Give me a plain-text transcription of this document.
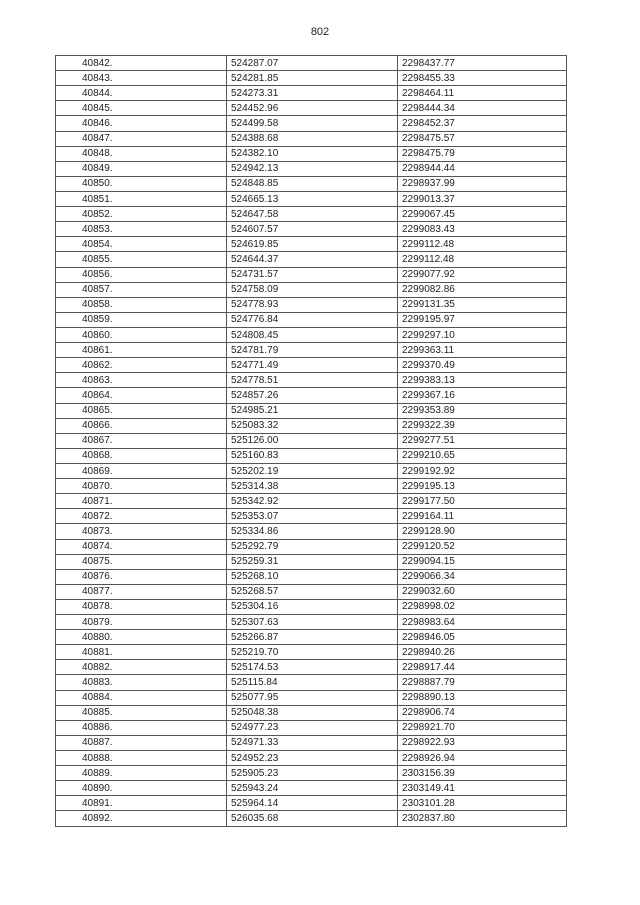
802
40842.	524287.07	2298437.77
40843.	524281.85	2298455.33
40844.	524273.31	2298464.11
40845.	524452.96	2298444.34
40846.	524499.58	2298452.37
40847.	524388.68	2298475.57
40848.	524382.10	2298475.79
40849.	524942.13	2298944.44
40850.	524848.85	2298937.99
40851.	524665.13	2299013.37
40852.	524647.58	2299067.45
40853.	524607.57	2299083.43
40854.	524619.85	2299112.48
40855.	524644.37	2299112.48
40856.	524731.57	2299077.92
40857.	524758.09	2299082.86
40858.	524778.93	2299131.35
40859.	524776.84	2299195.97
40860.	524808.45	2299297.10
40861.	524781.79	2299363.11
40862.	524771.49	2299370.49
40863.	524778.51	2299383.13
40864.	524857.26	2299367.16
40865.	524985.21	2299353.89
40866.	525083.32	2299322.39
40867.	525126.00	2299277.51
40868.	525160.83	2299210.65
40869.	525202.19	2299192.92
40870.	525314.38	2299195.13
40871.	525342.92	2299177.50
40872.	525353.07	2299164.11
40873.	525334.86	2299128.90
40874.	525292.79	2299120.52
40875.	525259.31	2299094.15
40876.	525268.10	2299066.34
40877.	525268.57	2299032.60
40878.	525304.16	2298998.02
40879.	525307.63	2298983.64
40880.	525266.87	2298946.05
40881.	525219.70	2298940.26
40882.	525174.53	2298917.44
40883.	525115.84	2298887.79
40884.	525077.95	2298890.13
40885.	525048.38	2298906.74
40886.	524977.23	2298921.70
40887.	524971.33	2298922.93
40888.	524952.23	2298926.94
40889.	525905.23	2303156.39
40890.	525943.24	2303149.41
40891.	525964.14	2303101.28
40892.	526035.68	2302837.80
